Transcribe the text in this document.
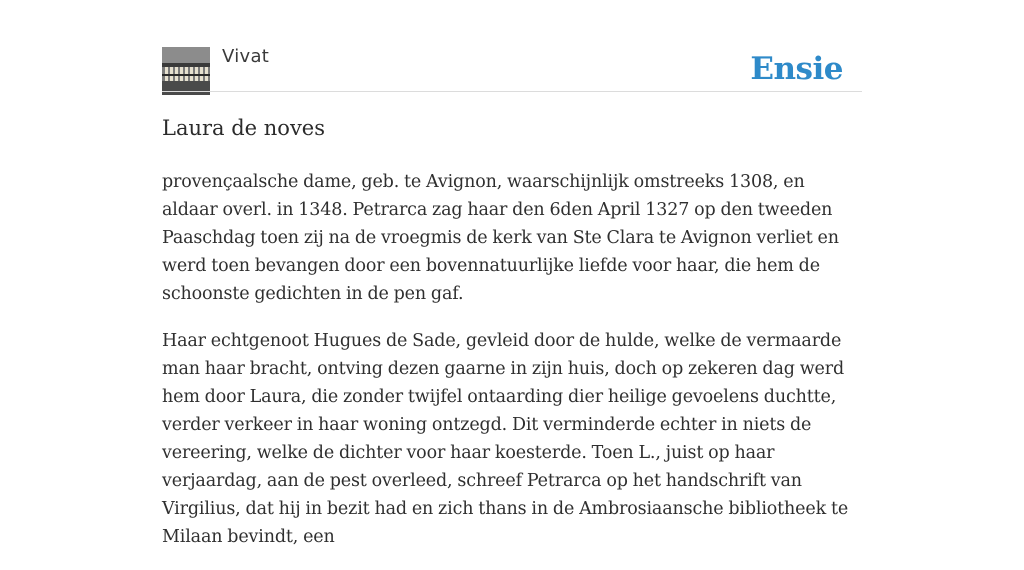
Vivat	Ensie
Laura de noves

provençaalsche dame, geb. te Avignon, waarschijnlijk omstreeks 1308, en aldaar overl. in 1348. Petrarca zag haar den 6den April 1327 op den tweeden Paaschdag toen zij na de vroegmis de kerk van Ste Clara te Avignon verliet en werd toen bevangen door een bovennatuurlijke liefde voor haar, die hem de schoonste gedichten in de pen gaf.

Haar echtgenoot Hugues de Sade, gevleid door de hulde, welke de vermaarde man haar bracht, ontving dezen gaarne in zijn huis, doch op zekeren dag werd hem door Laura, die zonder twijfel ontaarding dier heilige gevoelens duchtte, verder verkeer in haar woning ontzegd. Dit verminderde echter in niets de vereering, welke de dichter voor haar koesterde. Toen L., juist op haar verjaardag, aan de pest overleed, schreef Petrarca op het handschrift van Virgilius, dat hij in bezit had en zich thans in de Ambrosiaansche bibliotheek te Milaan bevindt, een
